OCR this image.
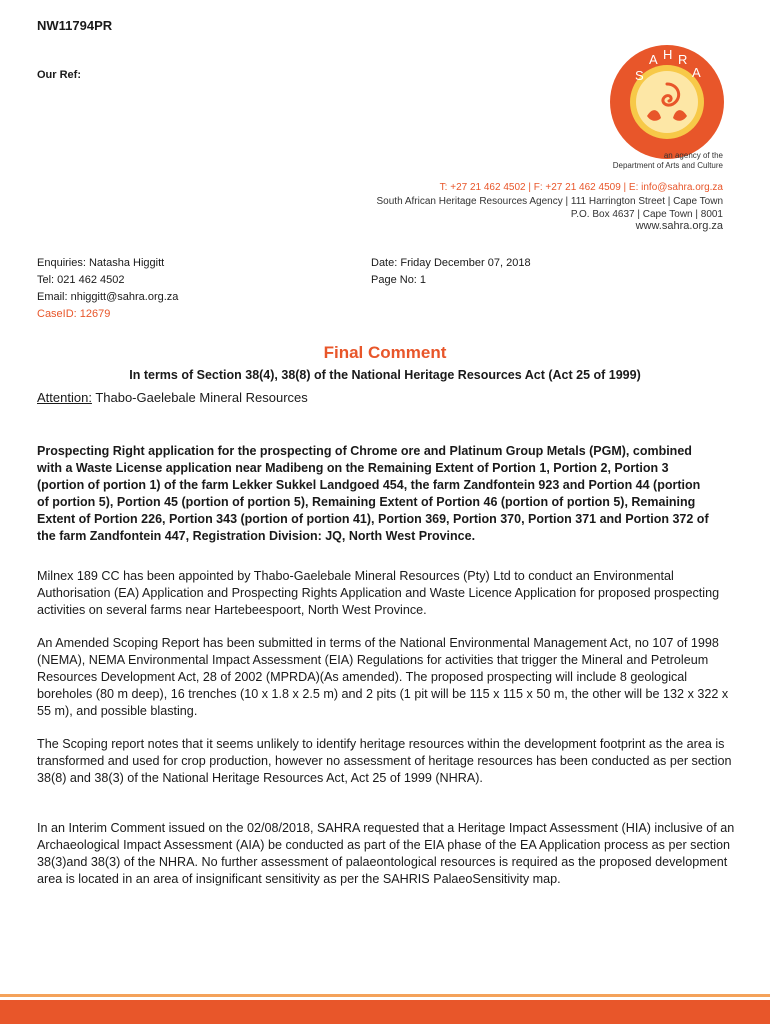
NW11794PR
Our Ref:	S
A H R
A
an agency of the
Department of Arts and Culture
T: +27 21 462 4502 | F: +27 21 462 4509 | E: info@sahra.org.za
South African Heritage Resources Agency | 111 Harrington Street | Cape Town
P.O. Box 4637 | Cape Town | 8001
www.sahra.org.za
Enquiries: Natasha Higgitt
Tel: 021 462 4502
Email: nhiggitt@sahra.org.za
CaseID: 12679
Date: Friday December 07, 2018
Page No: 1
Final Comment
In terms of Section 38(4), 38(8) of the National Heritage Resources Act (Act 25 of 1999)
Attention: Thabo-Gaelebale Mineral Resources
Prospecting Right application for the prospecting of Chrome ore and Platinum Group Metals (PGM), combined with a Waste License application near Madibeng on the Remaining Extent of Portion 1, Portion 2, Portion 3 (portion of portion 1) of the farm Lekker Sukkel Landgoed 454, the farm Zandfontein 923 and Portion 44 (portion of portion 5), Portion 45 (portion of portion 5), Remaining Extent of Portion 46 (portion of portion 5), Remaining Extent of Portion 226, Portion 343 (portion of portion 41), Portion 369, Portion 370, Portion 371 and Portion 372 of the farm Zandfontein 447, Registration Division: JQ, North West Province.
Milnex 189 CC has been appointed by Thabo-Gaelebale Mineral Resources (Pty) Ltd to conduct an Environmental Authorisation (EA) Application and Prospecting Rights Application and Waste Licence Application for proposed prospecting activities on several farms near Hartebeespoort, North West Province.
An Amended Scoping Report has been submitted in terms of the National Environmental Management Act, no 107 of 1998 (NEMA), NEMA Environmental Impact Assessment (EIA) Regulations for activities that trigger the Mineral and Petroleum Resources Development Act, 28 of 2002 (MPRDA)(As amended). The proposed prospecting will include 8 geological boreholes (80 m deep), 16 trenches (10 x 1.8 x 2.5 m) and 2 pits (1 pit will be 115 x 115 x 50 m, the other will be 132 x 322 x 55 m), and possible blasting.
The Scoping report notes that it seems unlikely to identify heritage resources within the development footprint as the area is transformed and used for crop production, however no assessment of heritage resources has been conducted as per section 38(8) and 38(3) of the National Heritage Resources Act, Act 25 of 1999 (NHRA).
In an Interim Comment issued on the 02/08/2018, SAHRA requested that a Heritage Impact Assessment (HIA) inclusive of an Archaeological Impact Assessment (AIA) be conducted as part of the EIA phase of the EA Application process as per section 38(3)and 38(3) of the NHRA. No further assessment of palaeontological resources is required as the proposed development area is located in an area of insignificant sensitivity as per the SAHRIS PalaeoSensitivity map.
